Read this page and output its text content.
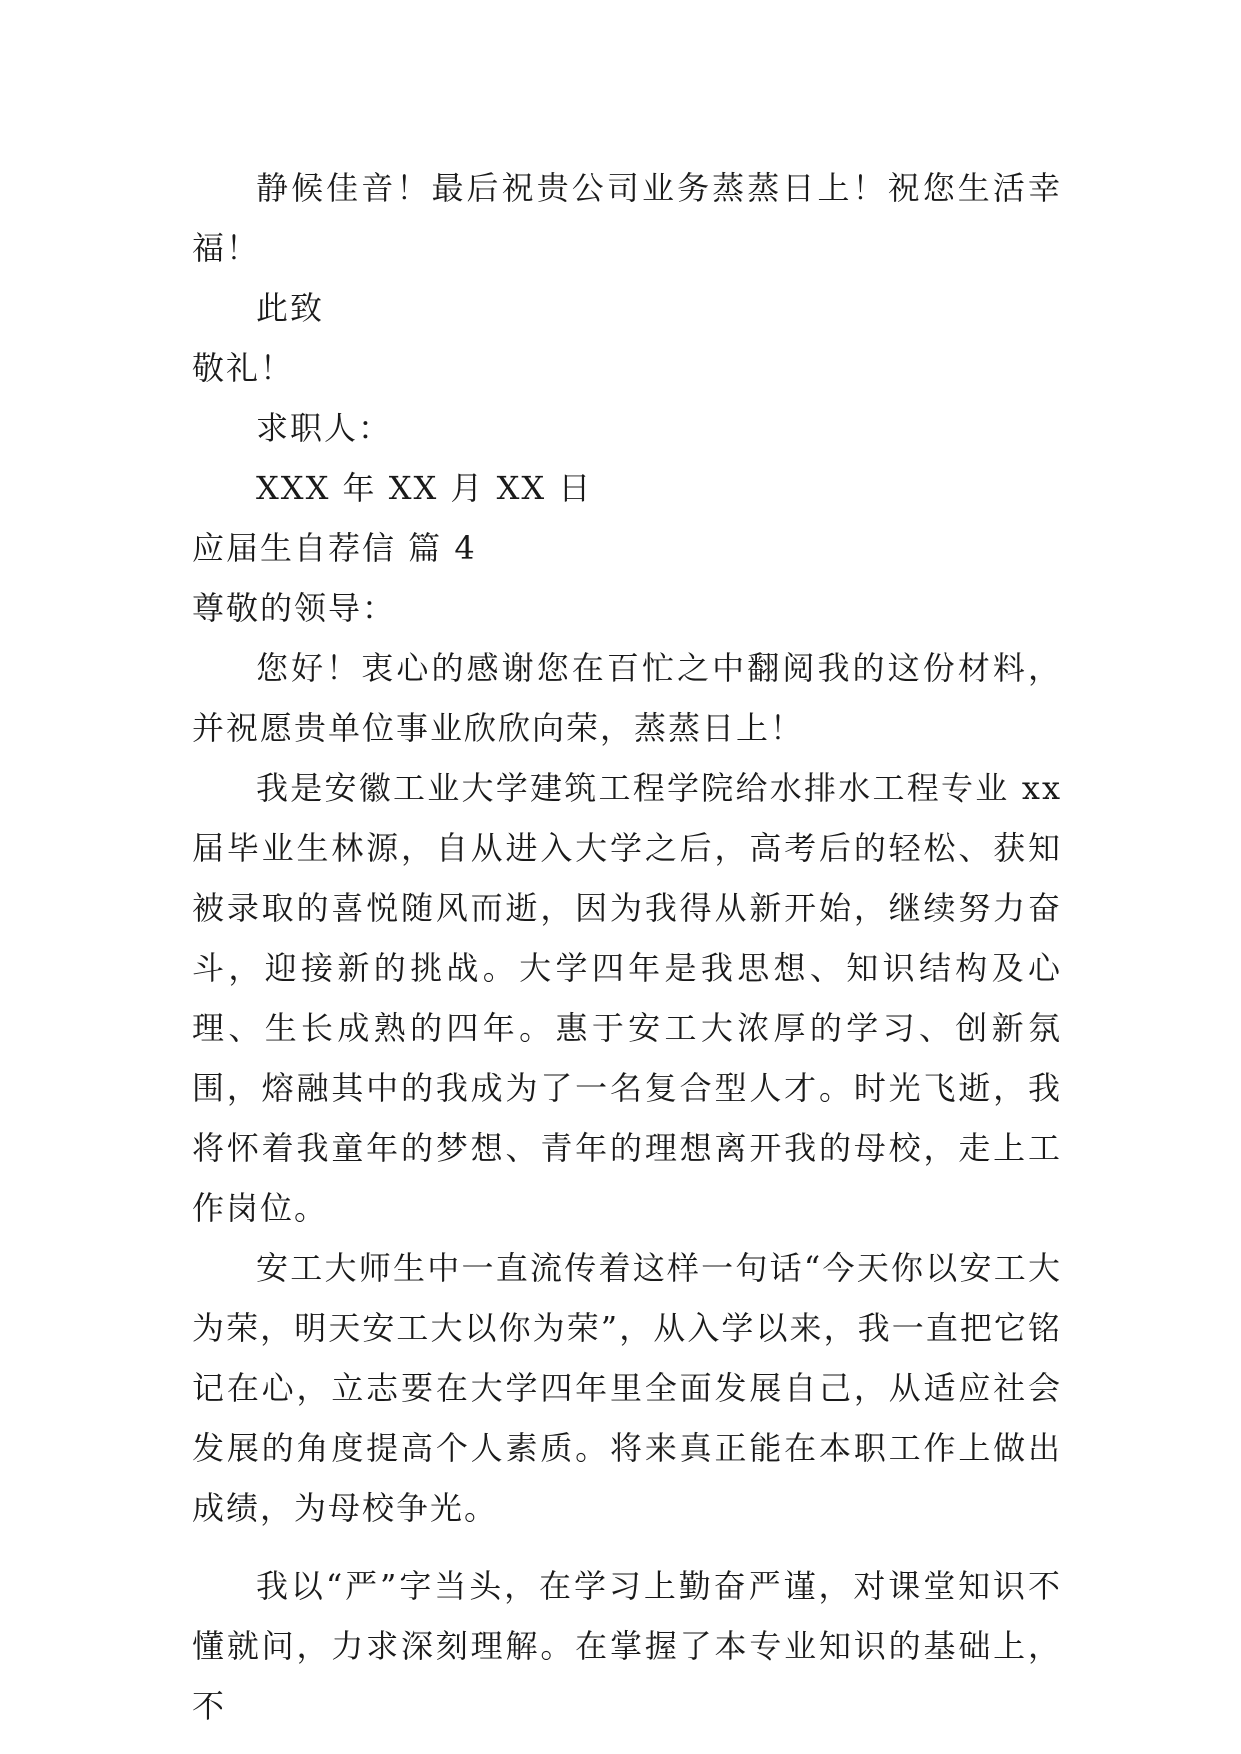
静候佳音！最后祝贵公司业务蒸蒸日上！祝您生活幸福！

此致

敬礼！

求职人：

XXX 年 XX 月 XX 日

应届生自荐信 篇 4

尊敬的领导：

您好！衷心的感谢您在百忙之中翻阅我的这份材料，并祝愿贵单位事业欣欣向荣，蒸蒸日上！

我是安徽工业大学建筑工程学院给水排水工程专业 xx 届毕业生林源，自从进入大学之后，高考后的轻松、获知被录取的喜悦随风而逝，因为我得从新开始，继续努力奋斗，迎接新的挑战。大学四年是我思想、知识结构及心理、生长成熟的四年。惠于安工大浓厚的学习、创新氛围，熔融其中的我成为了一名复合型人才。时光飞逝，我将怀着我童年的梦想、青年的理想离开我的母校，走上工作岗位。

安工大师生中一直流传着这样一句话“今天你以安工大为荣，明天安工大以你为荣”，从入学以来，我一直把它铭记在心，立志要在大学四年里全面发展自己，从适应社会发展的角度提高个人素质。将来真正能在本职工作上做出成绩，为母校争光。

我以“严”字当头，在学习上勤奋严谨，对课堂知识不懂就问，力求深刻理解。在掌握了本专业知识的基础上，不
